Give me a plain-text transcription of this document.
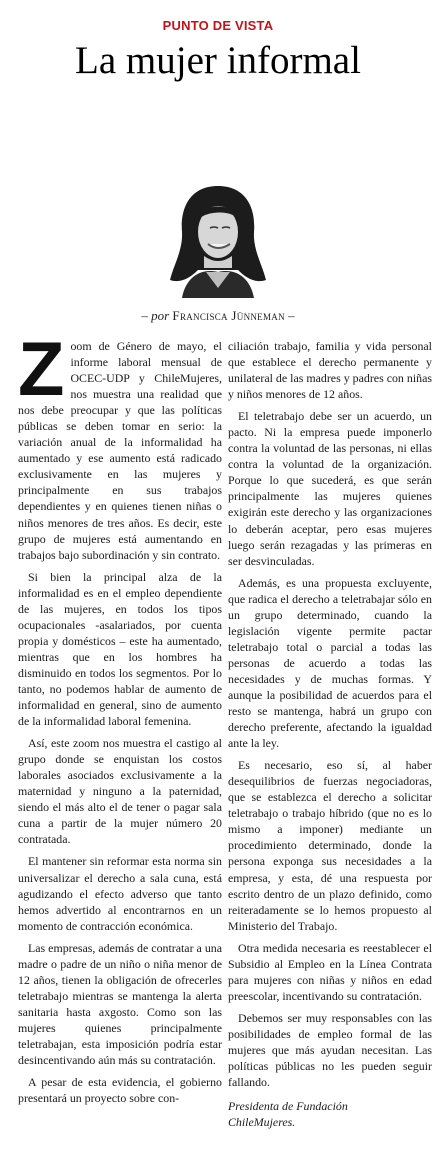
PUNTO DE VISTA
La mujer informal
– por Francisca Jünneman –

Zoom de Género de mayo, el informe laboral mensual de OCEC-UDP y ChileMujeres, nos muestra una realidad que nos debe preocupar y que las políticas públicas se deben tomar en serio: la variación anual de la informalidad ha aumentado y ese aumento está radicado exclusivamente en las mujeres y principalmente en sus trabajos dependientes y en quienes tienen niñas o niños menores de tres años. Es decir, este grupo de mujeres está aumentando en trabajos bajo subordinación y sin contrato.

Si bien la principal alza de la informalidad es en el empleo dependiente de las mujeres, en todos los tipos ocupacionales -asalariados, por cuenta propia y domésticos – este ha aumentado, mientras que en los hombres ha disminuido en todos los segmentos. Por lo tanto, no podemos hablar de aumento de informalidad en general, sino de aumento de la informalidad laboral femenina.

Así, este zoom nos muestra el castigo al grupo donde se enquistan los costos laborales asociados exclusivamente a la maternidad y ninguno a la paternidad, siendo el más alto el de tener o pagar sala cuna a partir de la mujer número 20 contratada.

El mantener sin reformar esta norma sin universalizar el derecho a sala cuna, está agudizando el efecto adverso que tanto hemos advertido al encontrarnos en un momento de contracción económica.

Las empresas, además de contratar a una madre o padre de un niño o niña menor de 12 años, tienen la obligación de ofrecerles teletrabajo mientras se mantenga la alerta sanitaria hasta axgosto. Como son las mujeres quienes principalmente teletrabajan, esta imposición podría estar desincentivando aún más su contratación.

A pesar de esta evidencia, el gobierno presentará un proyecto sobre con-

ciliación trabajo, familia y vida personal que establece el derecho permanente y unilateral de las madres y padres con niñas y niños menores de 12 años.

El teletrabajo debe ser un acuerdo, un pacto. Ni la empresa puede imponerlo contra la voluntad de las personas, ni ellas contra la voluntad de la organización. Porque lo que sucederá, es que serán principalmente las mujeres quienes exigirán este derecho y las organizaciones lo deberán aceptar, pero esas mujeres luego serán rezagadas y las primeras en ser desvinculadas.

Además, es una propuesta excluyente, que radica el derecho a teletrabajar sólo en un grupo determinado, cuando la legislación vigente permite pactar teletrabajo total o parcial a todas las personas de acuerdo a todas las necesidades y de muchas formas. Y aunque la posibilidad de acuerdos para el resto se mantenga, habrá un grupo con derecho preferente, afectando la igualdad ante la ley.

Es necesario, eso sí, al haber desequilibrios de fuerzas negociadoras, que se establezca el derecho a solicitar teletrabajo o trabajo híbrido (que no es lo mismo a imponer) mediante un procedimiento determinado, donde la persona exponga sus necesidades a la empresa, y esta, dé una respuesta por escrito dentro de un plazo definido, como reiteradamente se lo hemos propuesto al Ministerio del Trabajo.

Otra medida necesaria es reestablecer el Subsidio al Empleo en la Línea Contrata para mujeres con niñas y niños en edad preescolar, incentivando su contratación.

Debemos ser muy responsables con las posibilidades de empleo formal de las mujeres que más ayudan necesitan. Las políticas públicas no les pueden seguir fallando.

Presidenta de Fundación
ChileMujeres.
